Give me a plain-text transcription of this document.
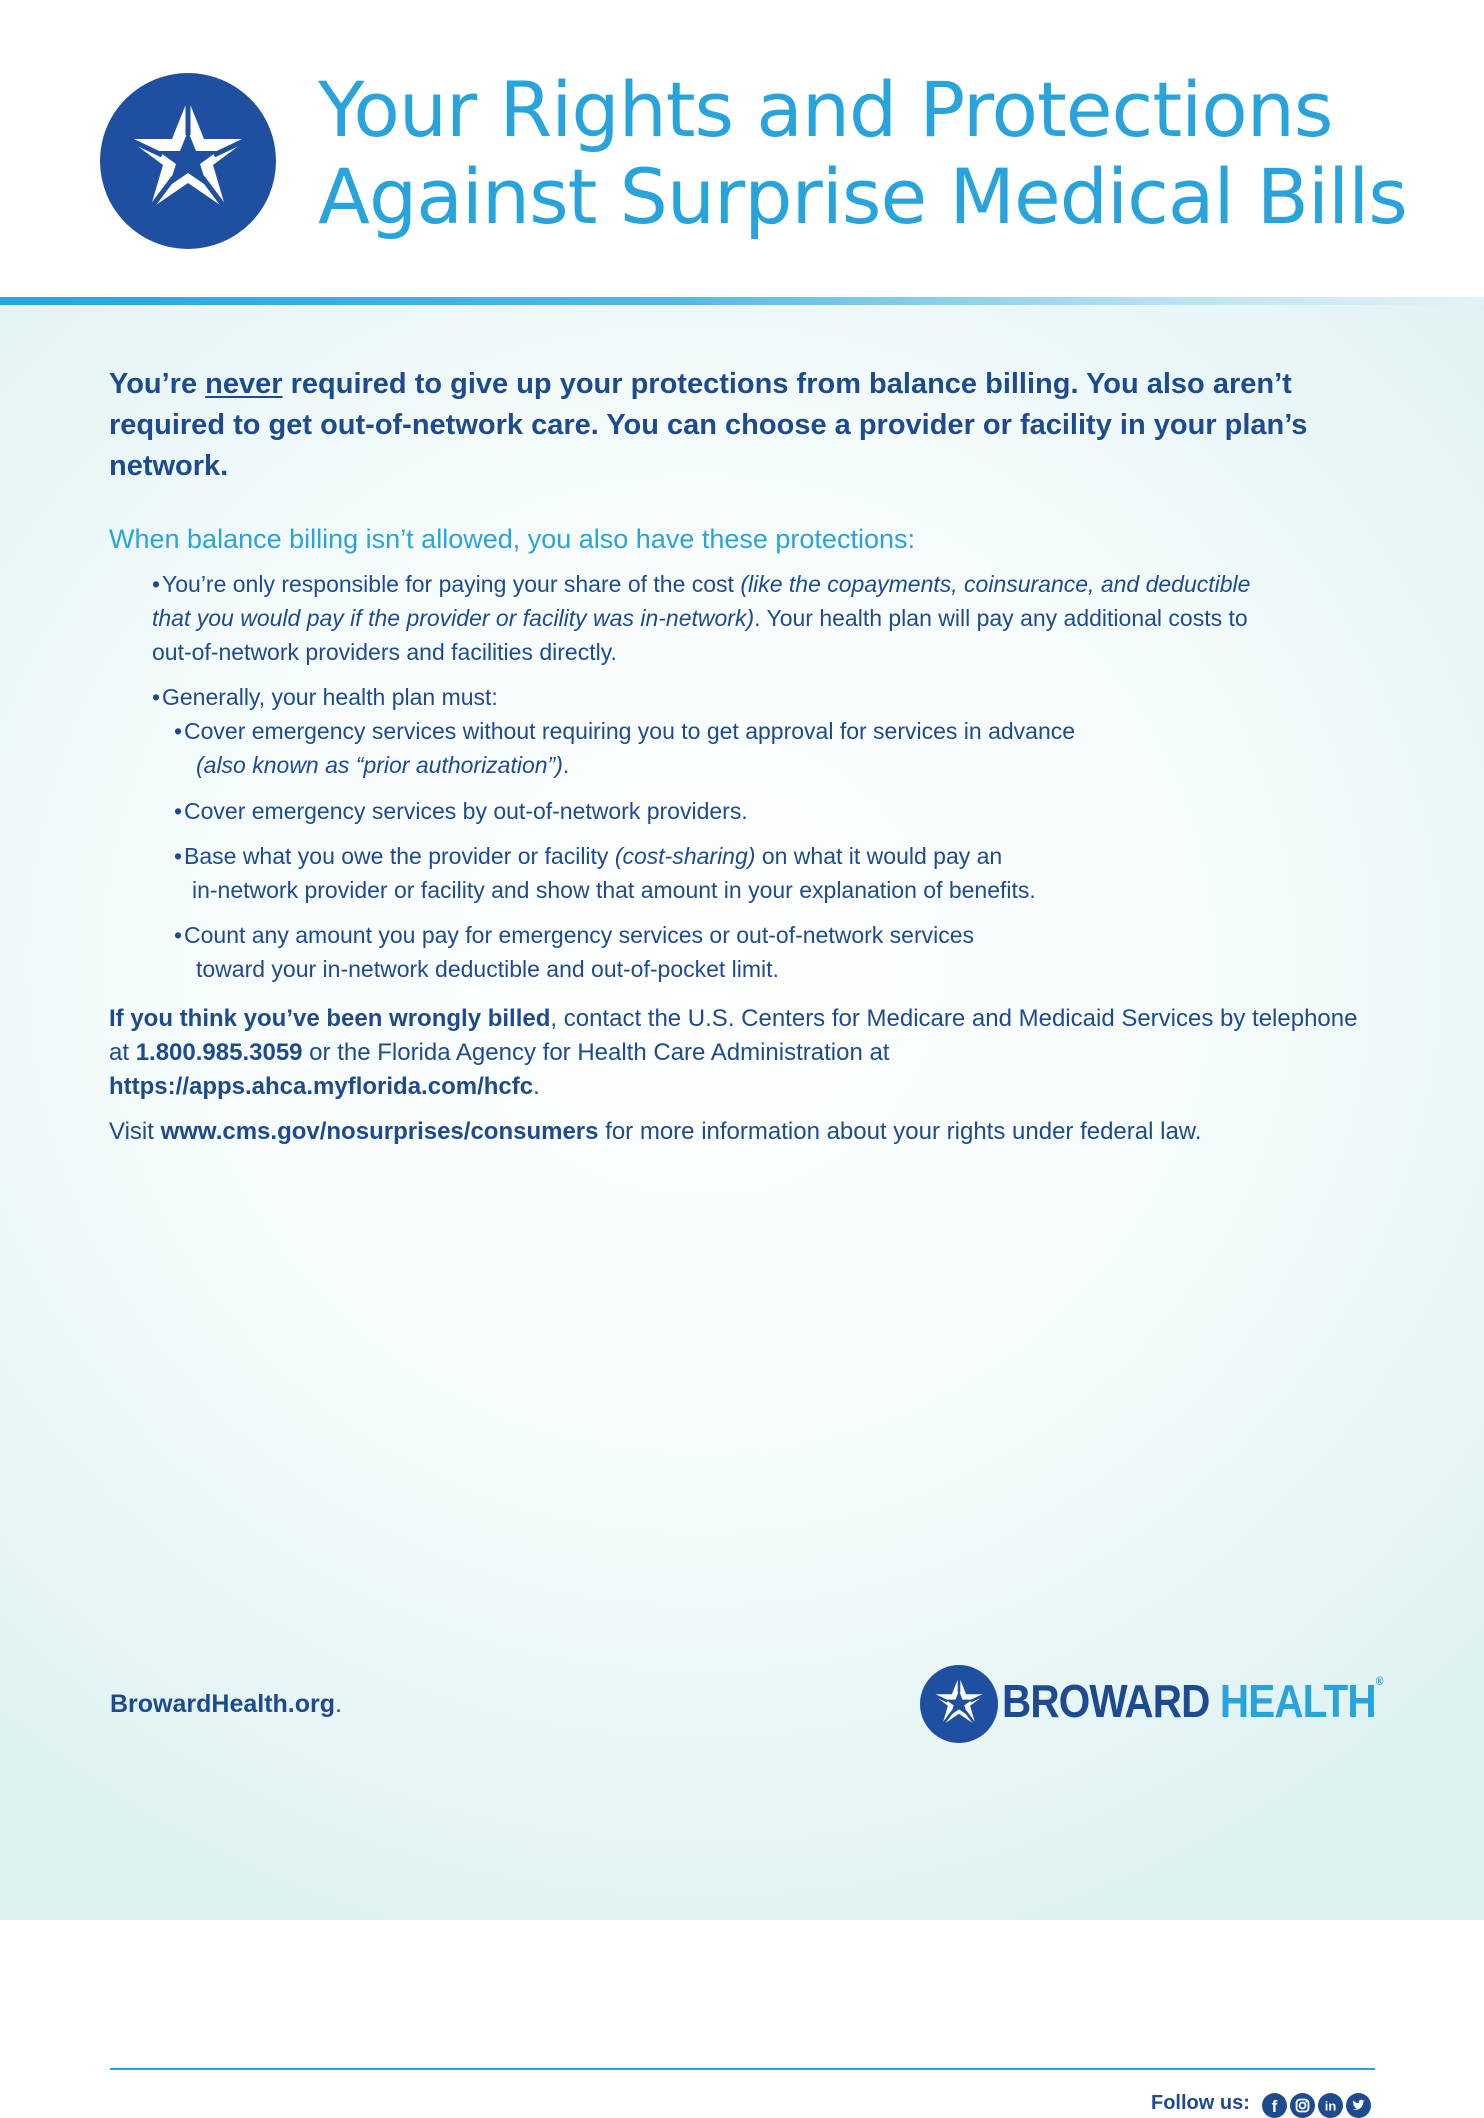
Your Rights and Protections
Against Surprise Medical Bills

You’re never required to give up your protections from balance billing. You also aren’t required to get out-of-network care. You can choose a provider or facility in your plan’s network.

When balance billing isn’t allowed, you also have these protections:
•You’re only responsible for paying your share of the cost (like the copayments, coinsurance, and deductible that you would pay if the provider or facility was in-network). Your health plan will pay any additional costs to out-of-network providers and facilities directly.
•Generally, your health plan must:
•Cover emergency services without requiring you to get approval for services in advance
(also known as “prior authorization”).
•Cover emergency services by out-of-network providers.
•Base what you owe the provider or facility (cost-sharing) on what it would pay an
in-network provider or facility and show that amount in your explanation of benefits.
•Count any amount you pay for emergency services or out-of-network services
toward your in-network deductible and out-of-pocket limit.
If you think you’ve been wrongly billed, contact the U.S. Centers for Medicare and Medicaid Services by telephone at 1.800.985.3059 or the Florida Agency for Health Care Administration at
https://apps.ahca.myflorida.com/hcfc.
Visit www.cms.gov/nosurprises/consumers for more information about your rights under federal law.
BrowardHealth.org.	BROWARD HEALTH®
Follow us: f	in
